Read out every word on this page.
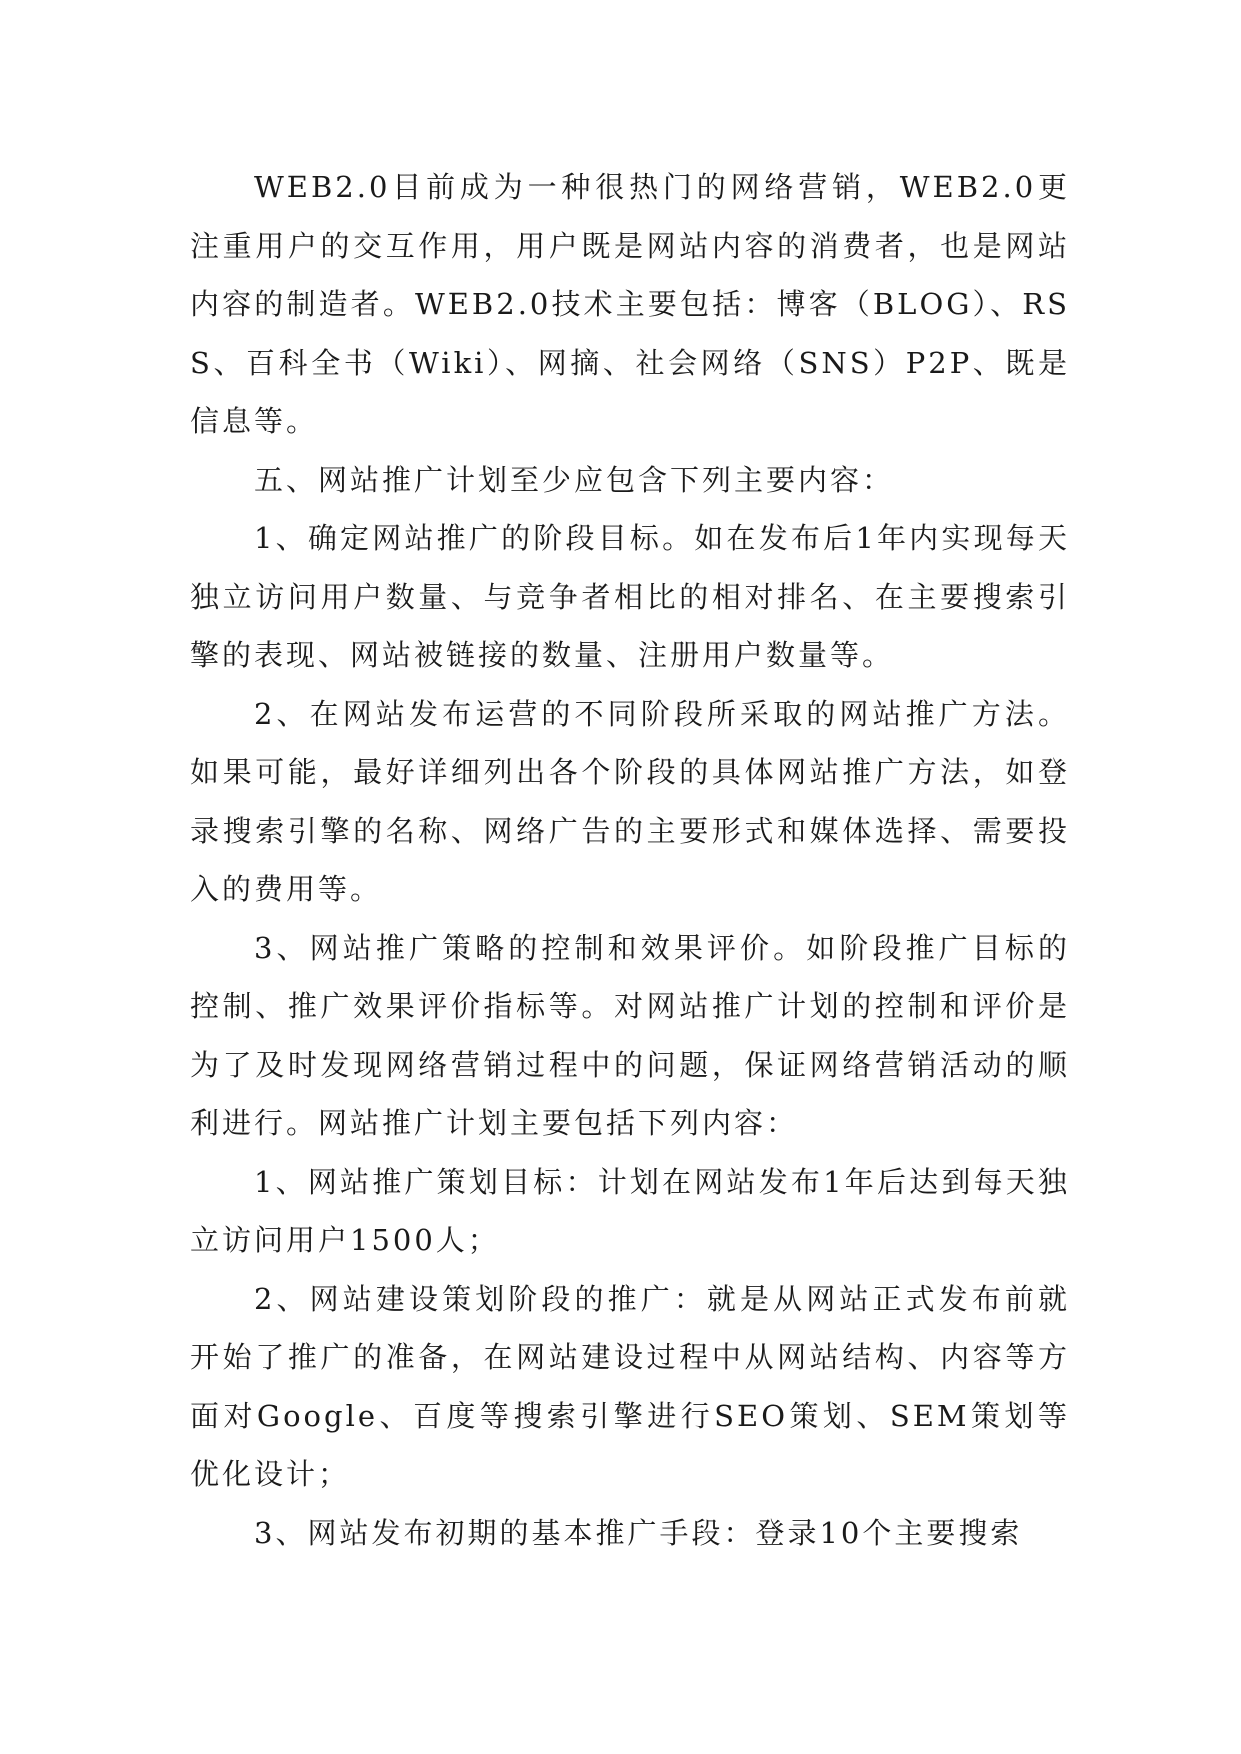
WEB2.0目前成为一种很热门的网络营销，WEB2.0更注重用户的交互作用，用户既是网站内容的消费者，也是网站内容的制造者。WEB2.0技术主要包括：博客（BLOG）、RSS、百科全书（Wiki）、网摘、社会网络（SNS）P2P、既是信息等。

五、网站推广计划至少应包含下列主要内容：

1、确定网站推广的阶段目标。如在发布后1年内实现每天独立访问用户数量、与竞争者相比的相对排名、在主要搜索引擎的表现、网站被链接的数量、注册用户数量等。

2、在网站发布运营的不同阶段所采取的网站推广方法。如果可能，最好详细列出各个阶段的具体网站推广方法，如登录搜索引擎的名称、网络广告的主要形式和媒体选择、需要投入的费用等。

3、网站推广策略的控制和效果评价。如阶段推广目标的控制、推广效果评价指标等。对网站推广计划的控制和评价是为了及时发现网络营销过程中的问题，保证网络营销活动的顺利进行。网站推广计划主要包括下列内容：

1、网站推广策划目标：计划在网站发布1年后达到每天独立访问用户1500人；

2、网站建设策划阶段的推广：就是从网站正式发布前就开始了推广的准备，在网站建设过程中从网站结构、内容等方面对Google、百度等搜索引擎进行SEO策划、SEM策划等优化设计；

3、网站发布初期的基本推广手段：登录10个主要搜索
